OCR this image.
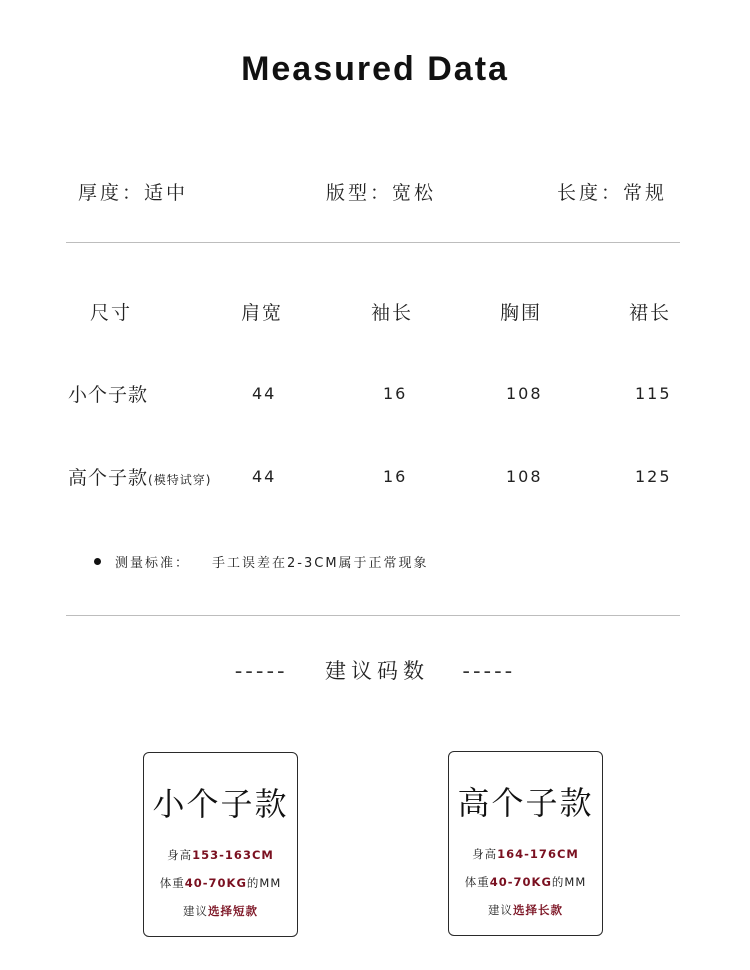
Measured Data
厚度：适中	版型：宽松	长度：常规
尺寸	肩宽	袖长	胸围	裙长
小个子款	44	16	108	115
高个子款(模特试穿)	44	16	108	125
测量标准： 手工误差在2-3CM属于正常现象
----- 建议码数 -----
小个子款
身高153-163CM
体重40-70KG的MM
建议选择短款
高个子款
身高164-176CM
体重40-70KG的MM
建议选择长款
